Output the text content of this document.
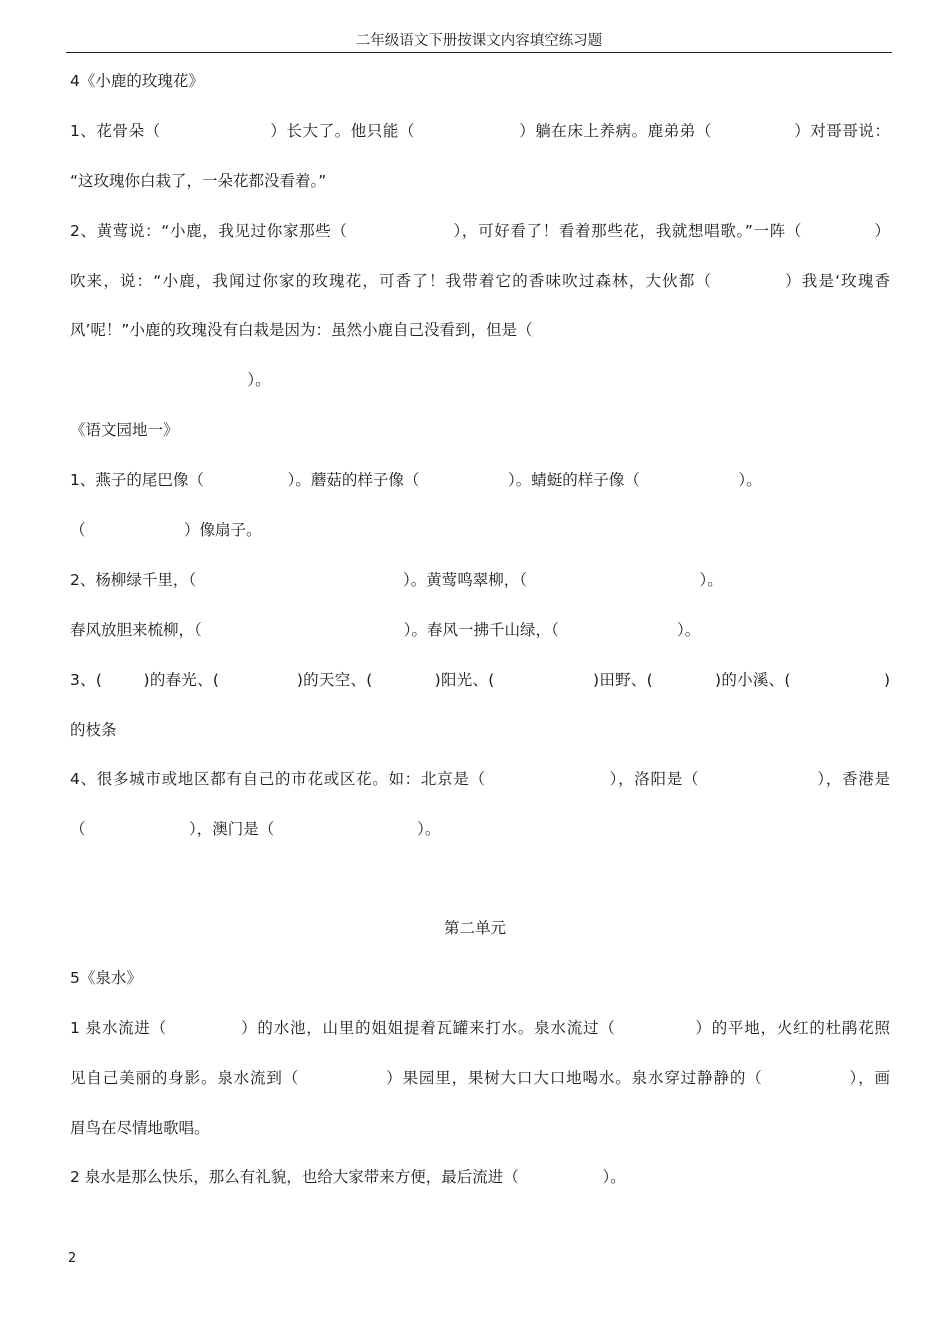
二年级语文下册按课文内容填空练习题
4《小鹿的玫瑰花》
1、花骨朵（                    ）长大了。他只能（                   ）躺在床上养病。鹿弟弟（               ）对哥哥说：
“这玫瑰你白栽了，一朵花都没看着。”
2、黄莺说：“小鹿，我见过你家那些（                   ），可好看了！看着那些花，我就想唱歌。”一阵（             ）
吹来，说：“小鹿，我闻过你家的玫瑰花，可香了！我带着它的香味吹过森林，大伙都（            ）我是‘玫瑰香
风’呢！”小鹿的玫瑰没有白栽是因为：虽然小鹿自己没看到，但是（
）。
《语文园地一》
1、燕子的尾巴像（                 ）。蘑菇的样子像（                  ）。蜻蜓的样子像（                    ）。
（                    ）像扇子。
2、杨柳绿千里，（                                          ）。黄莺鸣翠柳，（                                   ）。
春风放胆来梳柳，（                                         ）。春风一拂千山绿，（                        ）。
3、(        )的春光、(               )的天空、(            )阳光、(                   )田野、(            )的小溪、(                  )
的枝条
4、很多城市或地区都有自己的市花或区花。如：北京是（                      ），洛阳是（                     ），香港是
（                     ），澳门是（                             ）。
第二单元
5《泉水》
1 泉水流进（             ）的水池，山里的姐姐提着瓦罐来打水。泉水流过（              ）的平地，火红的杜鹃花照
见自己美丽的身影。泉水流到（               ）果园里，果树大口大口地喝水。泉水穿过静静的（               ），画
眉鸟在尽情地歌唱。
2 泉水是那么快乐，那么有礼貌，也给大家带来方便，最后流进（                 ）。
2
